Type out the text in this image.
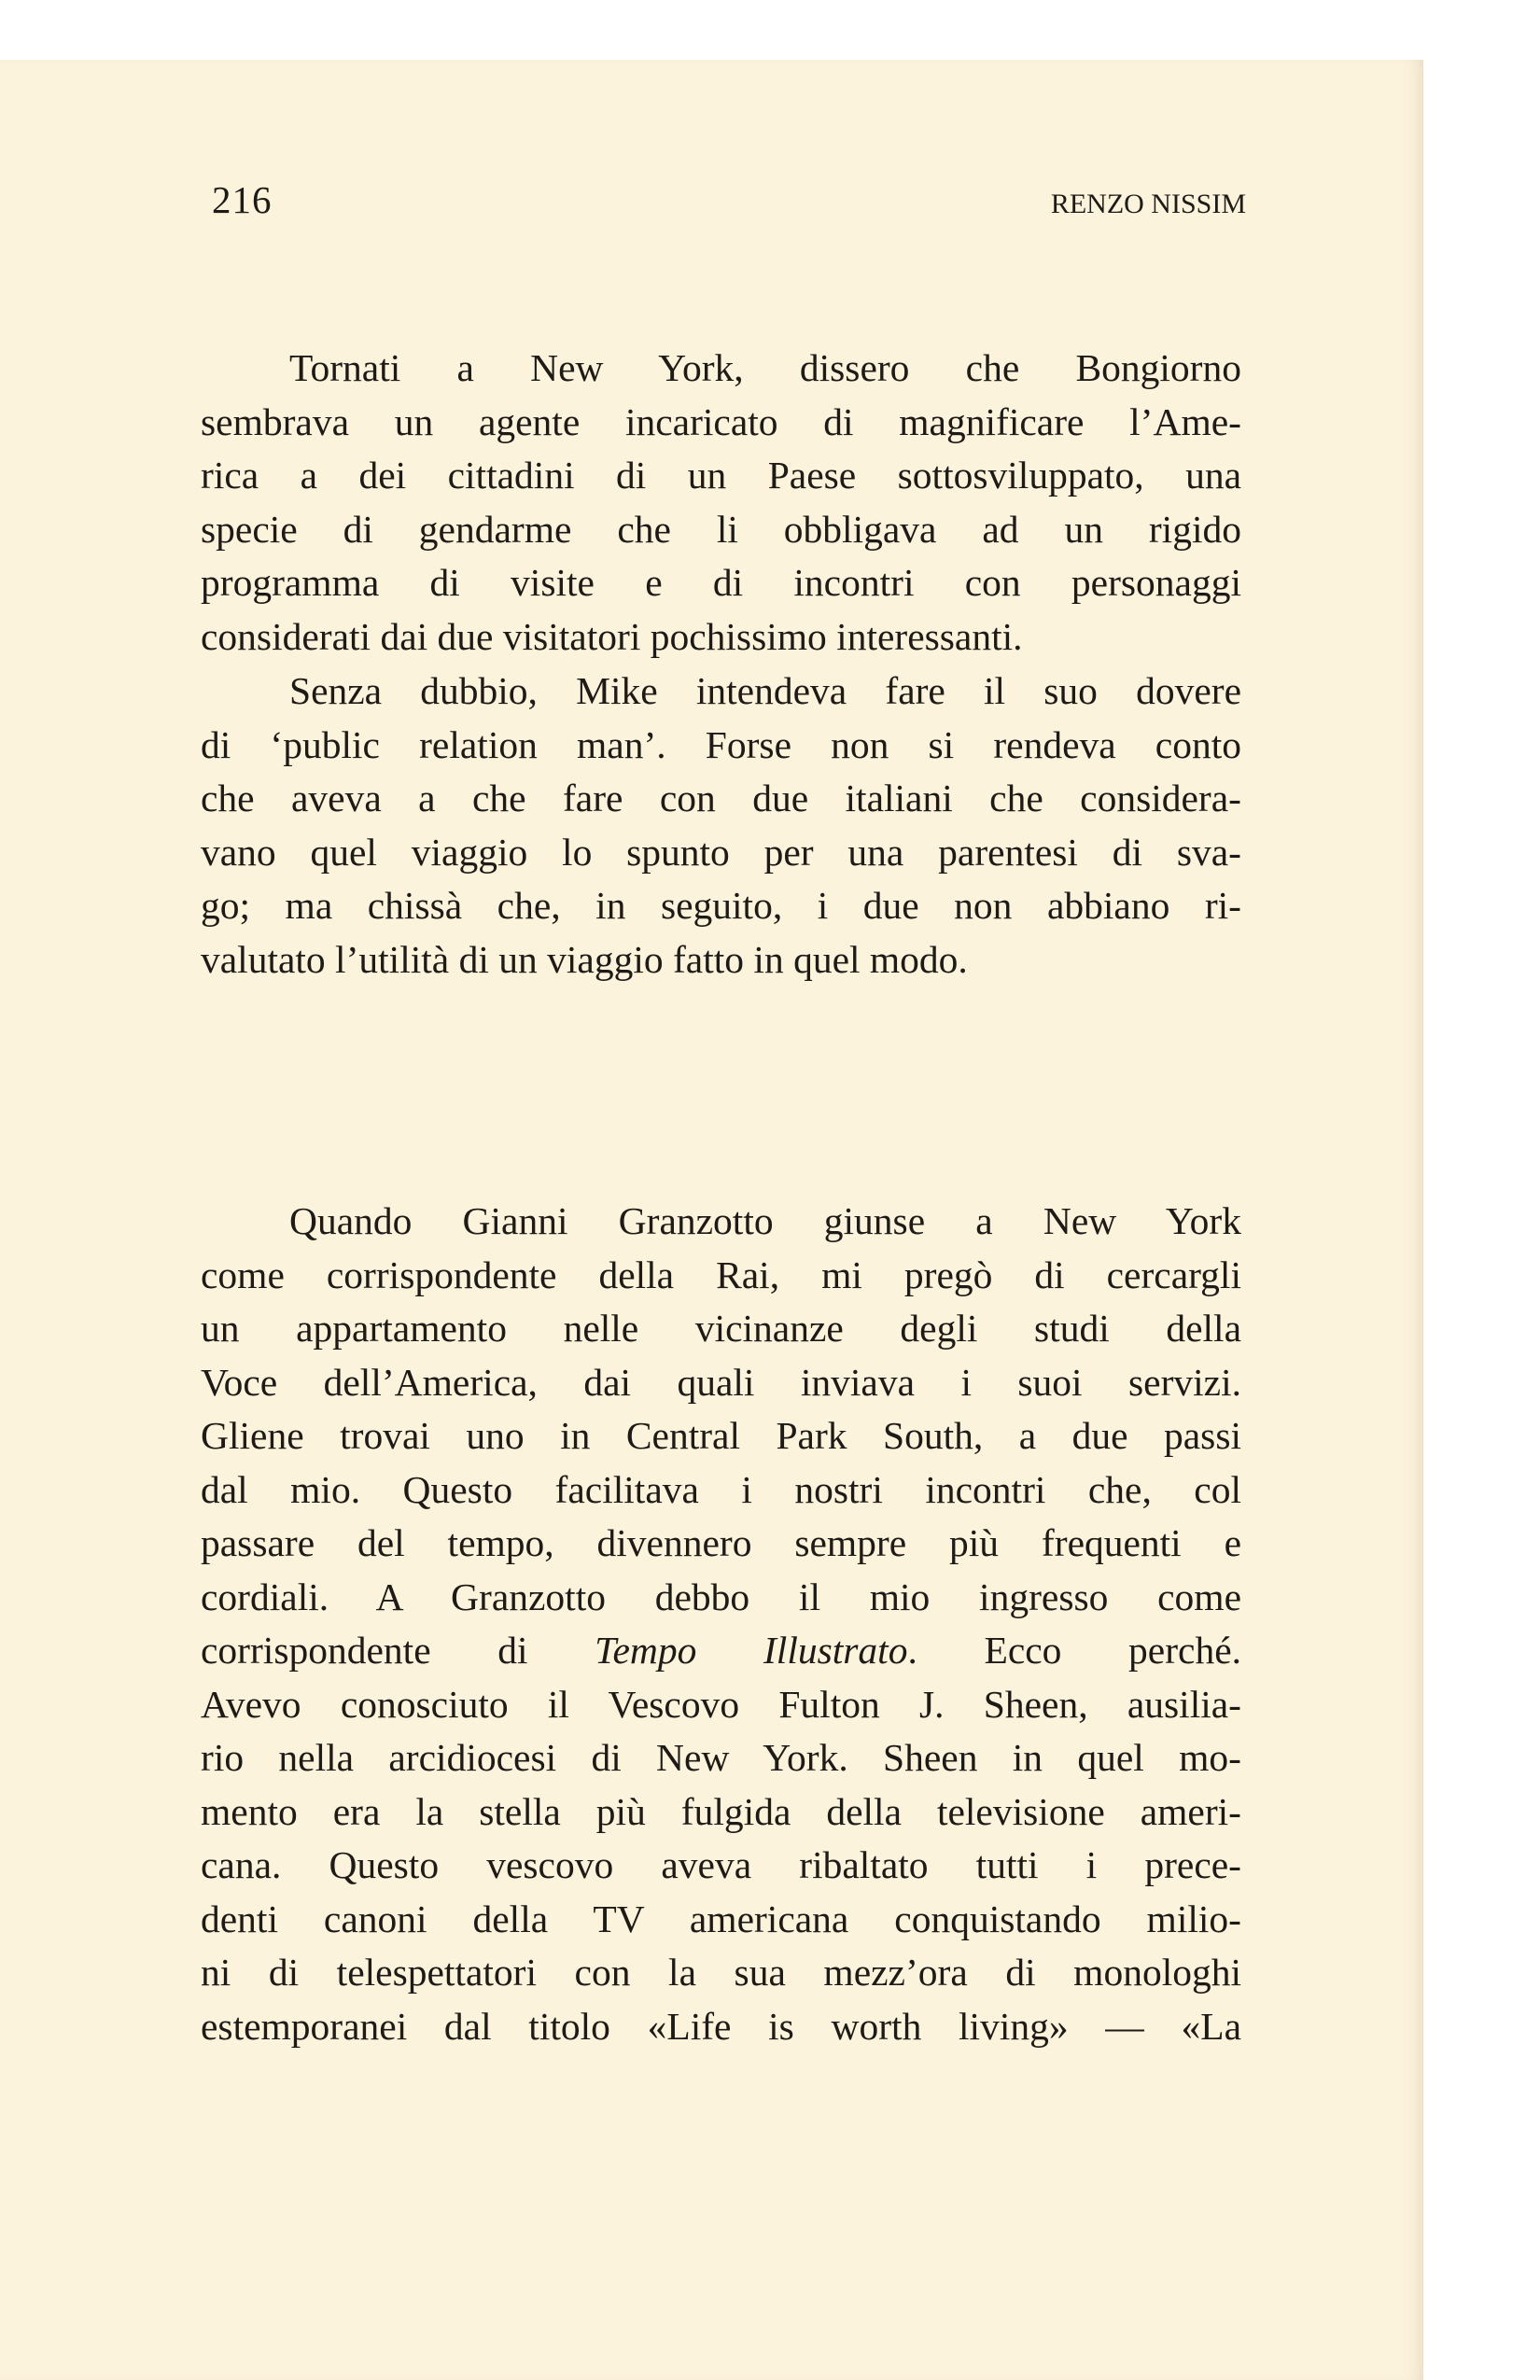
216	RENZO NISSIM

Tornati a New York, dissero che Bongiorno
sembrava un agente incaricato di magnificare l’Ame-
rica a dei cittadini di un Paese sottosviluppato, una
specie di gendarme che li obbligava ad un rigido
programma di visite e di incontri con personaggi
considerati dai due visitatori pochissimo interessanti.

Senza dubbio, Mike intendeva fare il suo dovere
di ‘public relation man’. Forse non si rendeva conto
che aveva a che fare con due italiani che considera-
vano quel viaggio lo spunto per una parentesi di sva-
go; ma chissà che, in seguito, i due non abbiano ri-
valutato l’utilità di un viaggio fatto in quel modo.

Quando Gianni Granzotto giunse a New York
come corrispondente della Rai, mi pregò di cercargli
un appartamento nelle vicinanze degli studi della
Voce dell’America, dai quali inviava i suoi servizi.
Gliene trovai uno in Central Park South, a due passi
dal mio. Questo facilitava i nostri incontri che, col
passare del tempo, divennero sempre più frequenti e
cordiali. A Granzotto debbo il mio ingresso come
corrispondente di Tempo Illustrato. Ecco perché.
Avevo conosciuto il Vescovo Fulton J. Sheen, ausilia-
rio nella arcidiocesi di New York. Sheen in quel mo-
mento era la stella più fulgida della televisione ameri-
cana. Questo vescovo aveva ribaltato tutti i prece-
denti canoni della TV americana conquistando milio-
ni di telespettatori con la sua mezz’ora di monologhi
estemporanei dal titolo «Life is worth living» — «La
